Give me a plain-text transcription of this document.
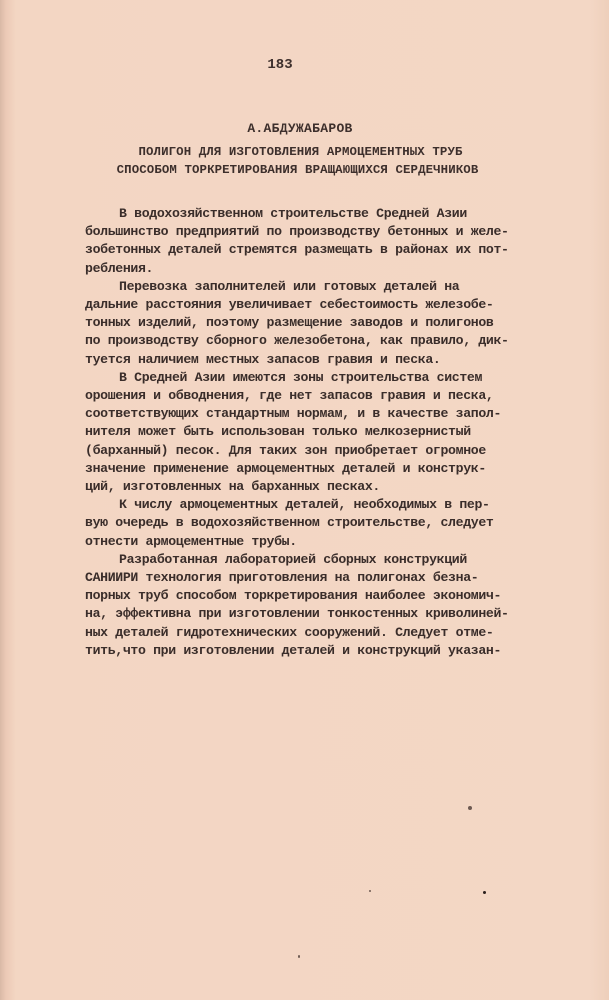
183
А.АБДУЖАБАРОВ
ПОЛИГОН ДЛЯ ИЗГОТОВЛЕНИЯ АРМОЦЕМЕНТНЫХ ТРУБ
СПОСОБОМ ТОРКРЕТИРОВАНИЯ ВРАЩАЮЩИХСЯ СЕРДЕЧНИКОВ
В водохозяйственном строительстве Средней Азии
большинство предприятий по производству бетонных и желе-
зобетонных деталей стремятся размещать в районах их пот-
ребления.
Перевозка заполнителей или готовых деталей на
дальние расстояния увеличивает себестоимость железобе-
тонных изделий, поэтому размещение заводов и полигонов
по производству сборного железобетона, как правило, дик-
туется наличием местных запасов гравия и песка.
В Средней Азии имеются зоны строительства систем
орошения и обводнения, где нет запасов гравия и песка,
соответствующих стандартным нормам, и в качестве запол-
нителя может быть использован только мелкозернистый
(барханный) песок. Для таких зон приобретает огромное
значение применение армоцементных деталей и конструк-
ций, изготовленных на барханных песках.
К числу армоцементных деталей, необходимых в пер-
вую очередь в водохозяйственном строительстве, следует
отнести армоцементные трубы.
Разработанная лабораторией сборных конструкций
САНИИРИ технология приготовления на полигонах безна-
порных труб способом торкретирования наиболее экономич-
на, эффективна при изготовлении тонкостенных криволиней-
ных деталей гидротехнических сооружений. Следует отме-
тить,что при изготовлении деталей и конструкций указан-
